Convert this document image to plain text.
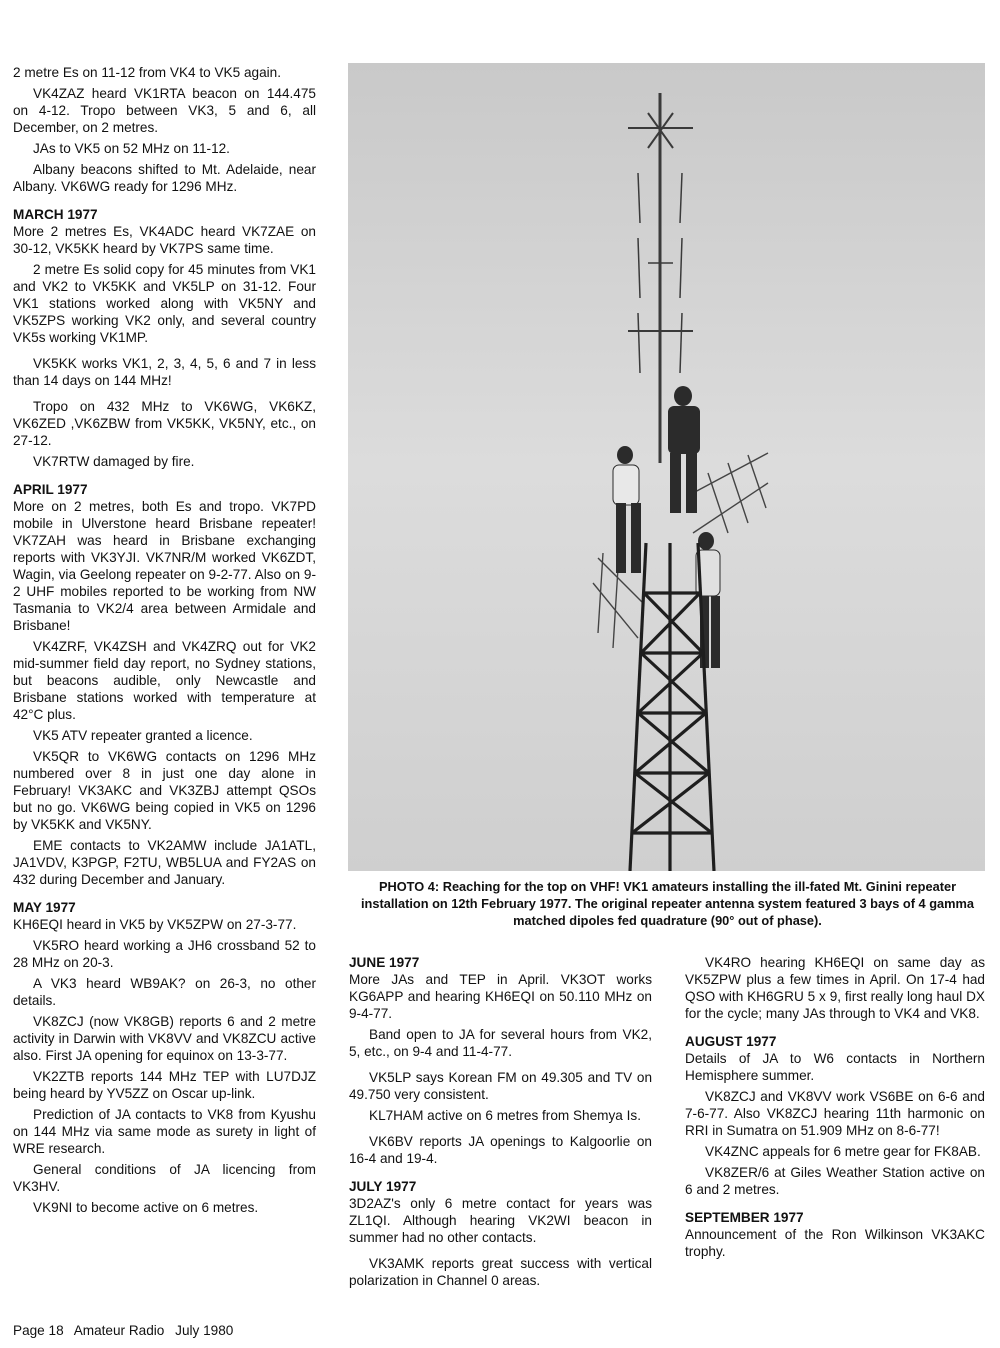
2 metre Es on 11-12 from VK4 to VK5 again.

VK4ZAZ heard VK1RTA beacon on 144.475 on 4-12. Tropo between VK3, 5 and 6, all December, on 2 metres.

JAs to VK5 on 52 MHz on 11-12.

Albany beacons shifted to Mt. Adelaide, near Albany. VK6WG ready for 1296 MHz.

MARCH 1977

More 2 metres Es, VK4ADC heard VK7ZAE on 30-12, VK5KK heard by VK7PS same time.

2 metre Es solid copy for 45 minutes from VK1 and VK2 to VK5KK and VK5LP on 31-12. Four VK1 stations worked along with VK5NY and VK5ZPS working VK2 only, and several country VK5s working VK1MP.

VK5KK works VK1, 2, 3, 4, 5, 6 and 7 in less than 14 days on 144 MHz!

Tropo on 432 MHz to VK6WG, VK6KZ, VK6ZED ,VK6ZBW from VK5KK, VK5NY, etc., on 27-12.

VK7RTW damaged by fire.

APRIL 1977

More on 2 metres, both Es and tropo. VK7PD mobile in Ulverstone heard Brisbane repeater! VK7ZAH was heard in Brisbane exchanging reports with VK3YJI. VK7NR/M worked VK6ZDT, Wagin, via Geelong repeater on 9-2-77. Also on 9-2 UHF mobiles reported to be working from NW Tasmania to VK2/4 area between Armidale and Brisbane!

VK4ZRF, VK4ZSH and VK4ZRQ out for VK2 mid-summer field day report, no Sydney stations, but beacons audible, only Newcastle and Brisbane stations worked with temperature at 42°C plus.

VK5 ATV repeater granted a licence.

VK5QR to VK6WG contacts on 1296 MHz numbered over 8 in just one day alone in February! VK3AKC and VK3ZBJ attempt QSOs but no go. VK6WG being copied in VK5 on 1296 by VK5KK and VK5NY.

EME contacts to VK2AMW include JA1ATL, JA1VDV, K3PGP, F2TU, WB5LUA and FY2AS on 432 during December and January.

MAY 1977

KH6EQI heard in VK5 by VK5ZPW on 27-3-77.

VK5RO heard working a JH6 crossband 52 to 28 MHz on 20-3.

A VK3 heard WB9AK? on 26-3, no other details.

VK8ZCJ (now VK8GB) reports 6 and 2 metre activity in Darwin with VK8VV and VK8ZCU active also. First JA opening for equinox on 13-3-77.

VK2ZTB reports 144 MHz TEP with LU7DJZ being heard by YV5ZZ on Oscar up-link.

Prediction of JA contacts to VK8 from Kyushu on 144 MHz via same mode as surety in light of WRE research.

General conditions of JA licencing from VK3HV.

VK9NI to become active on 6 metres.

PHOTO 4: Reaching for the top on VHF! VK1 amateurs installing the ill-fated Mt. Ginini repeater installation on 12th February 1977. The original repeater antenna system featured 3 bays of 4 gamma matched dipoles fed quadrature (90° out of phase).
JUNE 1977

More JAs and TEP in April. VK3OT works KG6APP and hearing KH6EQI on 50.110 MHz on 9-4-77.

Band open to JA for several hours from VK2, 5, etc., on 9-4 and 11-4-77.

VK5LP says Korean FM on 49.305 and TV on 49.750 very consistent.

KL7HAM active on 6 metres from Shemya Is.

VK6BV reports JA openings to Kalgoorlie on 16-4 and 19-4.

JULY 1977

3D2AZ's only 6 metre contact for years was ZL1QI. Although hearing VK2WI beacon in summer had no other contacts.

VK3AMK reports great success with vertical polarization in Channel 0 areas.

VK4RO hearing KH6EQI on same day as VK5ZPW plus a few times in April. On 17-4 had QSO with KH6GRU 5 x 9, first really long haul DX for the cycle; many JAs through to VK4 and VK8.

AUGUST 1977

Details of JA to W6 contacts in Northern Hemisphere summer.

VK8ZCJ and VK8VV work VS6BE on 6-6 and 7-6-77. Also VK8ZCJ hearing 11th harmonic on RRI in Sumatra on 51.909 MHz on 8-6-77!

VK4ZNC appeals for 6 metre gear for FK8AB.

VK8ZER/6 at Giles Weather Station active on 6 and 2 metres.

SEPTEMBER 1977

Announcement of the Ron Wilkinson VK3AKC trophy.

Page 18 Amateur Radio July 1980
